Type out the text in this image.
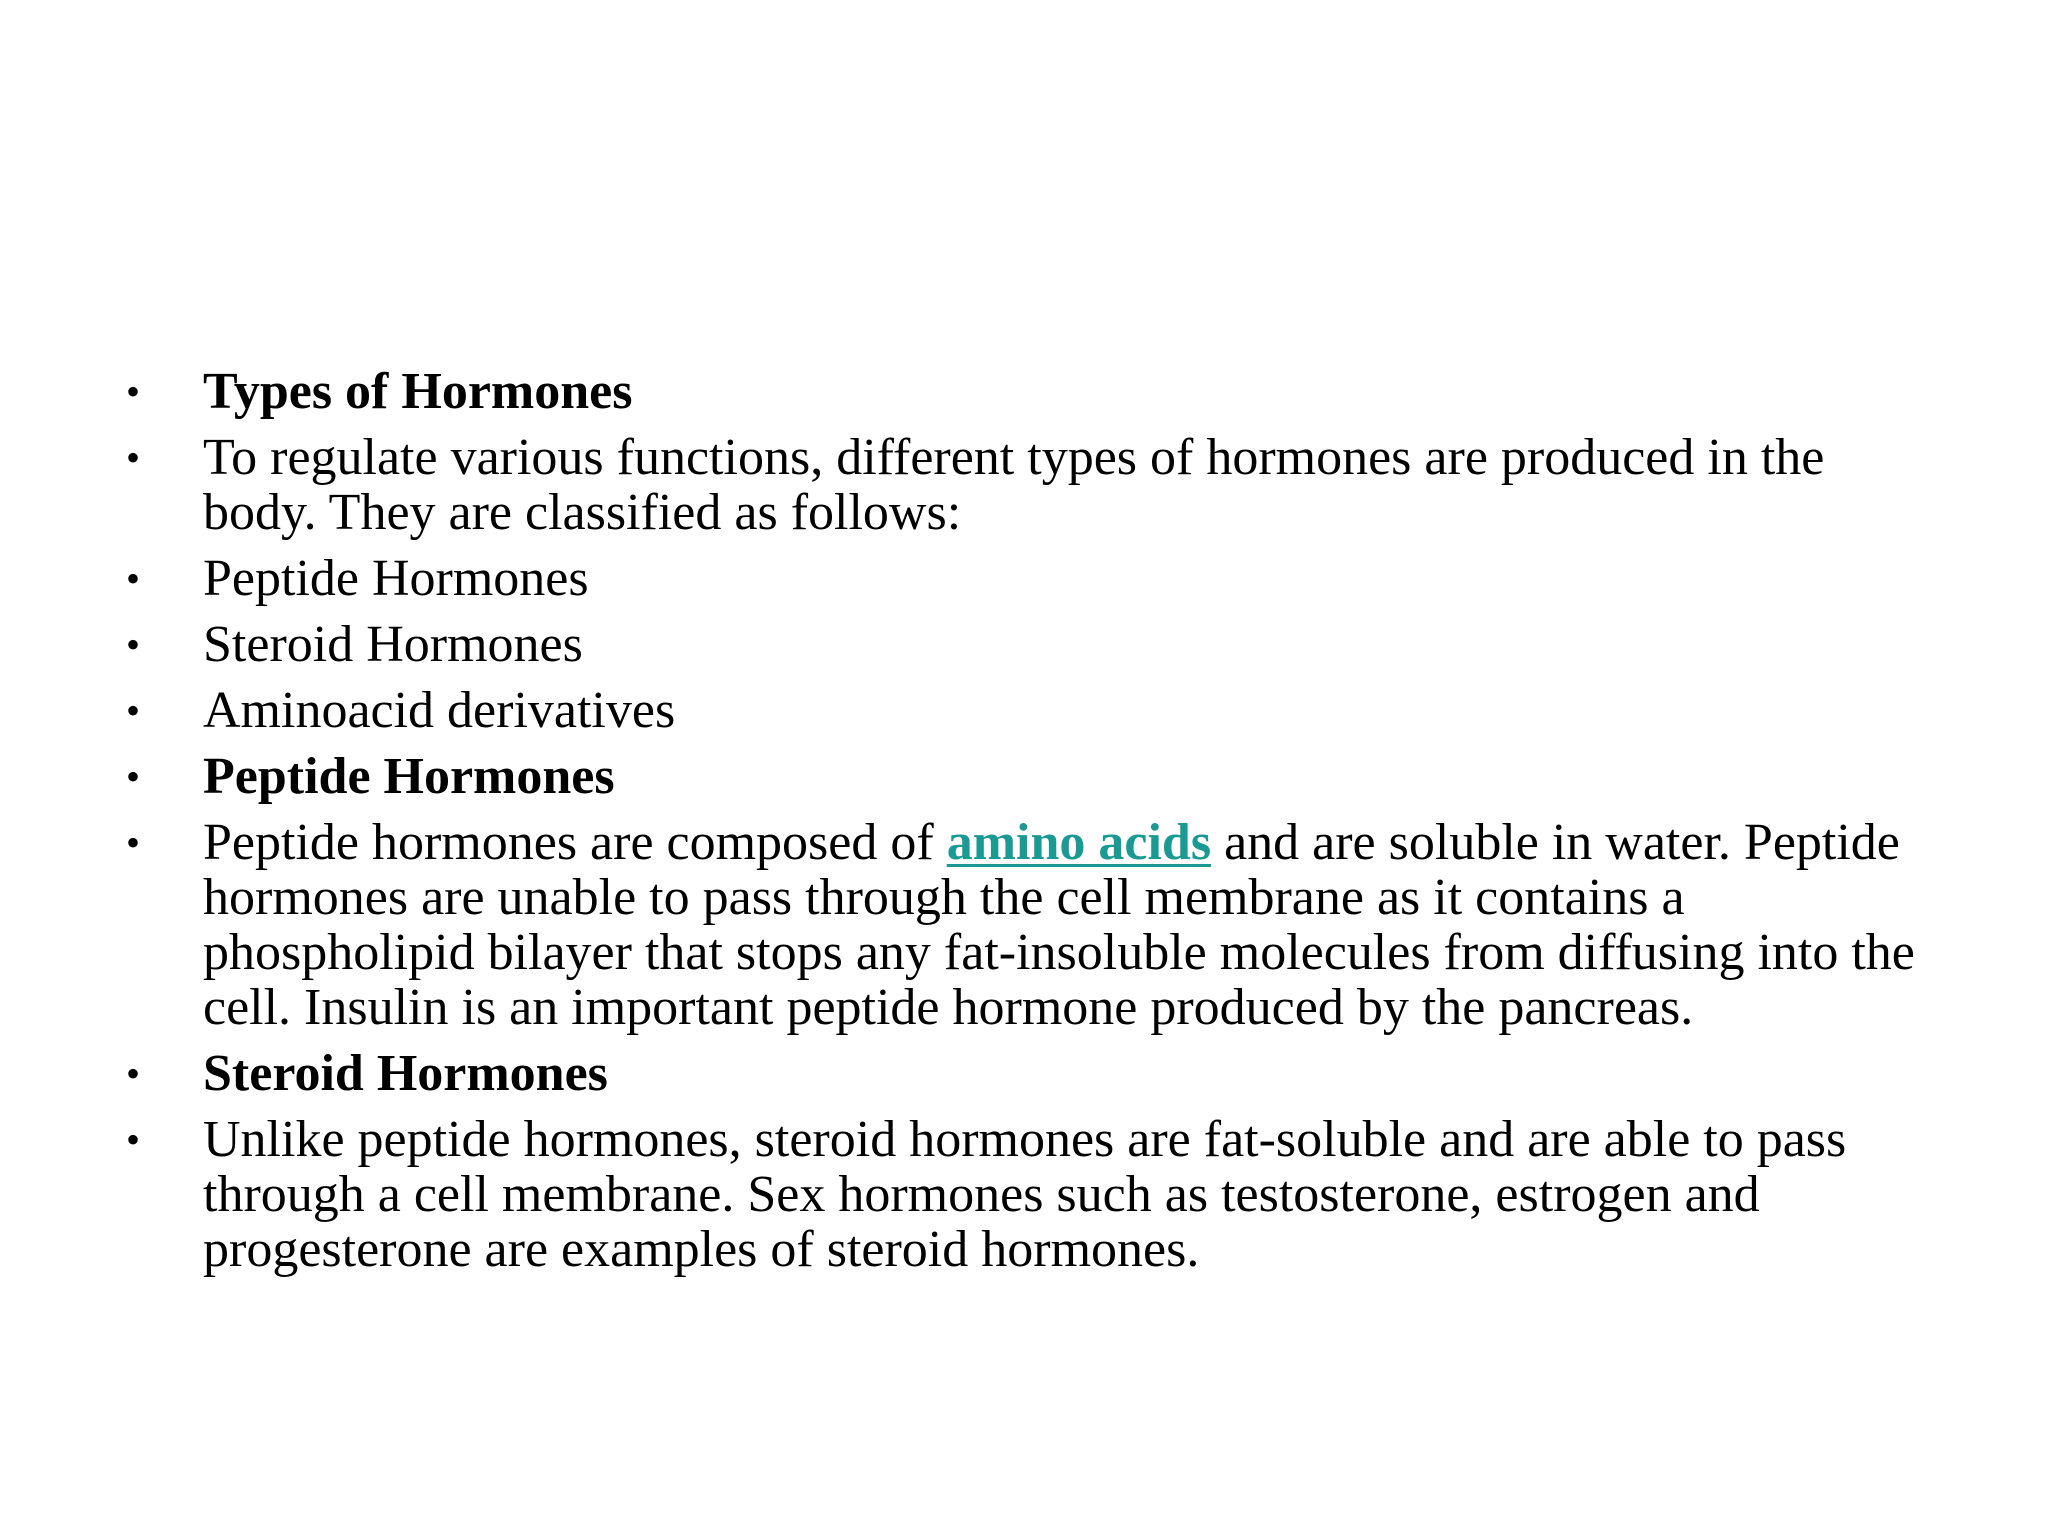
• Types of Hormones
• To regulate various functions, different types of hormones are produced in the body. They are classified as follows:
• Peptide Hormones
• Steroid Hormones
• Aminoacid derivatives
• Peptide Hormones
• Peptide hormones are composed of amino acids and are soluble in water. Peptide hormones are unable to pass through the cell membrane as it contains a phospholipid bilayer that stops any fat-insoluble molecules from diffusing into the cell. Insulin is an important peptide hormone produced by the pancreas.
• Steroid Hormones
• Unlike peptide hormones, steroid hormones are fat-soluble and are able to pass through a cell membrane. Sex hormones such as testosterone, estrogen and progesterone are examples of steroid hormones.
